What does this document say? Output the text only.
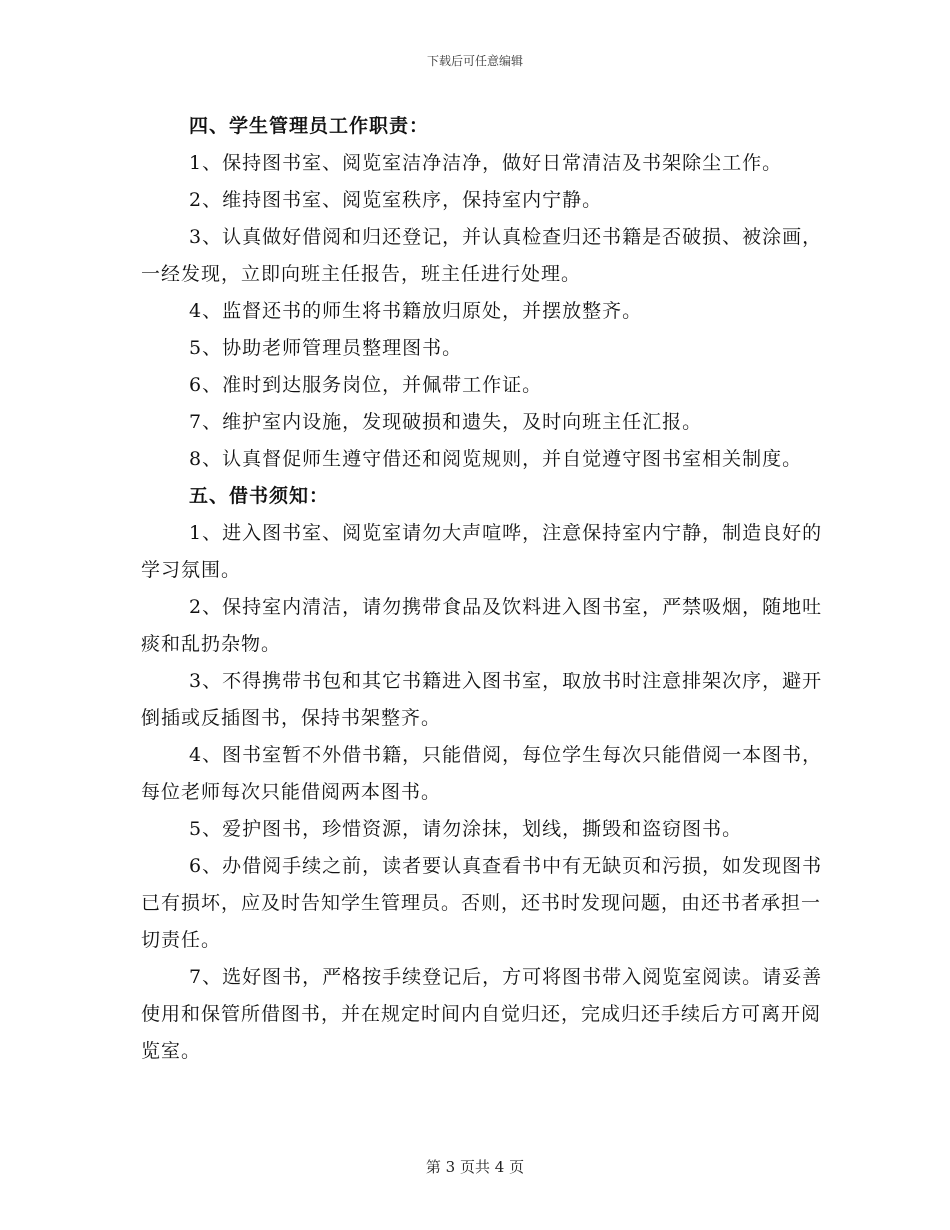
下载后可任意编辑

四、学生管理员工作职责：

1、保持图书室、阅览室洁净洁净，做好日常清洁及书架除尘工作。

2、维持图书室、阅览室秩序，保持室内宁静。

3、认真做好借阅和归还登记，并认真检查归还书籍是否破损、被涂画，一经发现，立即向班主任报告，班主任进行处理。

4、监督还书的师生将书籍放归原处，并摆放整齐。

5、协助老师管理员整理图书。

6、准时到达服务岗位，并佩带工作证。

7、维护室内设施，发现破损和遗失，及时向班主任汇报。

8、认真督促师生遵守借还和阅览规则，并自觉遵守图书室相关制度。

五、借书须知：

1、进入图书室、阅览室请勿大声喧哗，注意保持室内宁静，制造良好的学习氛围。

2、保持室内清洁，请勿携带食品及饮料进入图书室，严禁吸烟，随地吐痰和乱扔杂物。

3、不得携带书包和其它书籍进入图书室，取放书时注意排架次序，避开倒插或反插图书，保持书架整齐。

4、图书室暂不外借书籍，只能借阅，每位学生每次只能借阅一本图书，每位老师每次只能借阅两本图书。

5、爱护图书，珍惜资源，请勿涂抹，划线，撕毁和盗窃图书。

6、办借阅手续之前，读者要认真查看书中有无缺页和污损，如发现图书已有损坏，应及时告知学生管理员。否则，还书时发现问题，由还书者承担一切责任。

7、选好图书，严格按手续登记后，方可将图书带入阅览室阅读。请妥善使用和保管所借图书，并在规定时间内自觉归还，完成归还手续后方可离开阅览室。

第 3 页共 4 页
